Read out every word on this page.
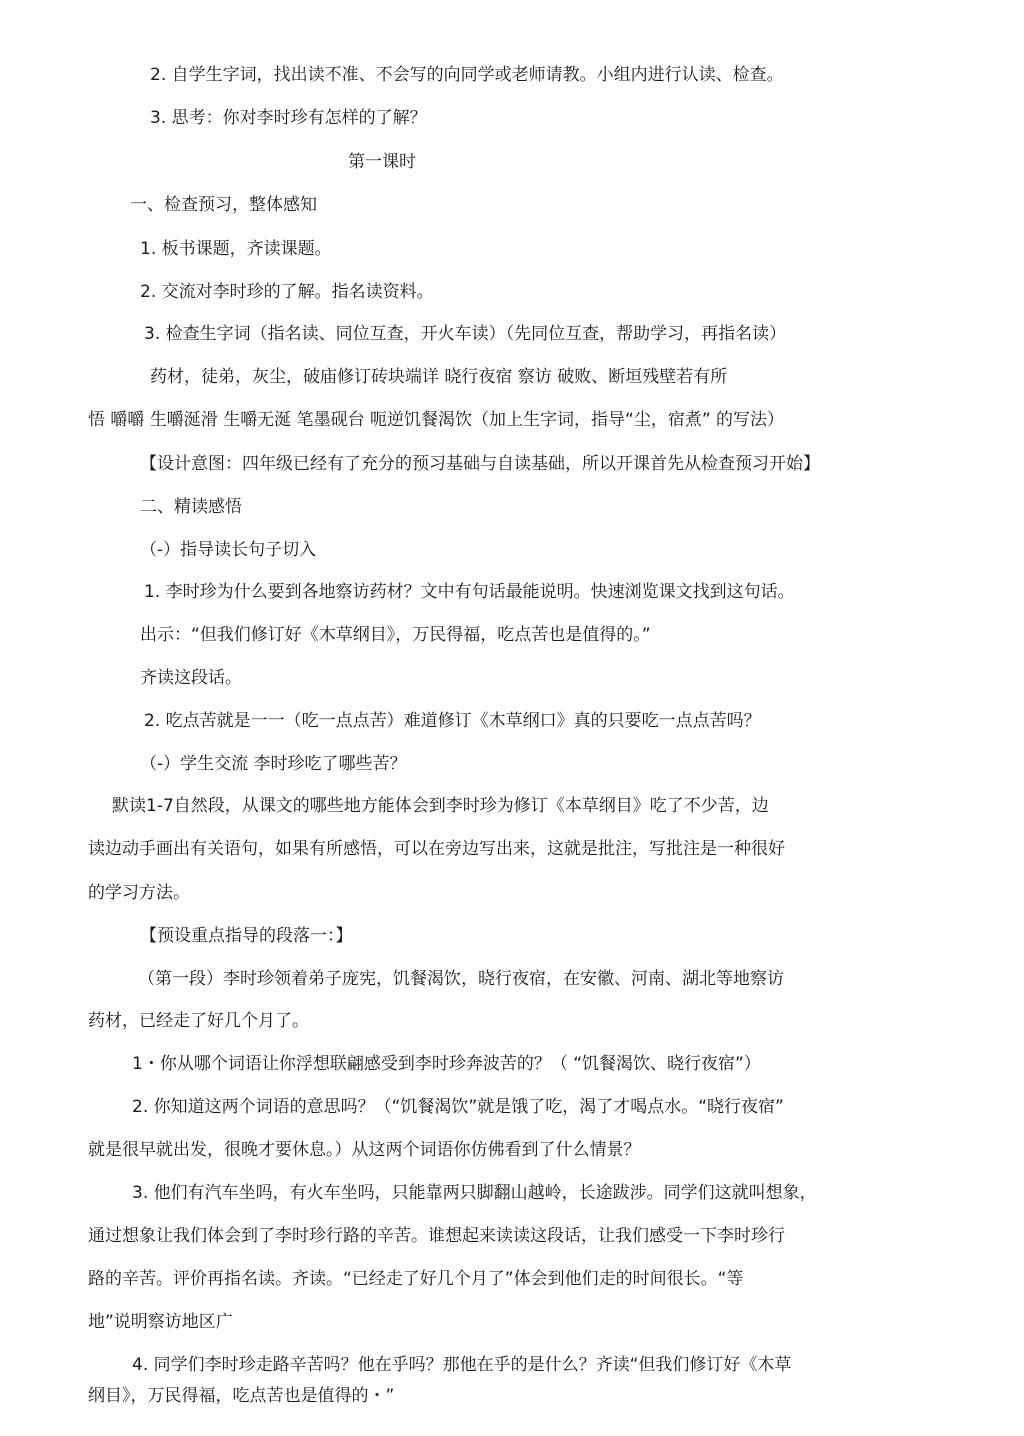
2. 自学生字词，找出读不准、不会写的向同学或老师请教。小组内进行认读、检查。
3. 思考：你对李时珍有怎样的了解？
第一课时
一、检查预习，整体感知
1. 板书课题，齐读课题。
2. 交流对李时珍的了解。指名读资料。
3. 检查生字词（指名读、同位互查，开火车读）（先同位互查，帮助学习，再指名读）
药材，徒弟，灰尘，破庙修订砖块端详 晓行夜宿 察访 破败、断垣残壁若有所
悟 嚼嚼 生嚼涎滑 生嚼无涎 笔墨砚台 呃逆饥餐渴饮（加上生字词，指导“尘，宿煮” 的写法）
【设计意图：四年级已经有了充分的预习基础与自读基础，所以开课首先从检查预习开始】
二、精读感悟
（-）指导读长句子切入
1. 李时珍为什么要到各地察访药材？文中有句话最能说明。快速浏览课文找到这句话。
出示：“但我们修订好《木草纲目》，万民得福，吃点苦也是值得的。”
齐读这段话。
2. 吃点苦就是一一（吃一点点苦）难道修订《木草纲口》真的只要吃一点点苦吗？
（-）学生交流 李时珍吃了哪些苦？
默读1-7自然段，从课文的哪些地方能体会到李时珍为修订《本草纲目》吃了不少苦，边
读边动手画出有关语句，如果有所感悟，可以在旁边写出来，这就是批注，写批注是一种很好
的学习方法。
【预设重点指导的段落一：】
（第一段）李时珍领着弟子庞宪，饥餐渴饮，晓行夜宿，在安徽、河南、湖北等地察访
药材，已经走了好几个月了。
1・你从哪个词语让你浮想联翩感受到李时珍奔波苦的？（ “饥餐渴饮、晓行夜宿”）
2. 你知道这两个词语的意思吗？（“饥餐渴饮”就是饿了吃，渴了才喝点水。“晓行夜宿”
就是很早就出发，很晚才要休息。）从这两个词语你仿佛看到了什么情景？
3. 他们有汽车坐吗，有火车坐吗，只能靠两只脚翻山越岭，长途跋涉。同学们这就叫想象，
通过想象让我们体会到了李时珍行路的辛苦。谁想起来读读这段话，让我们感受一下李时珍行
路的辛苦。评价再指名读。齐读。“已经走了好几个月了”体会到他们走的时间很长。“等
地”说明察访地区广
4. 同学们李时珍走路辛苦吗？他在乎吗？那他在乎的是什么？齐读“但我们修订好《木草
纲目》，万民得福，吃点苦也是值得的・”
